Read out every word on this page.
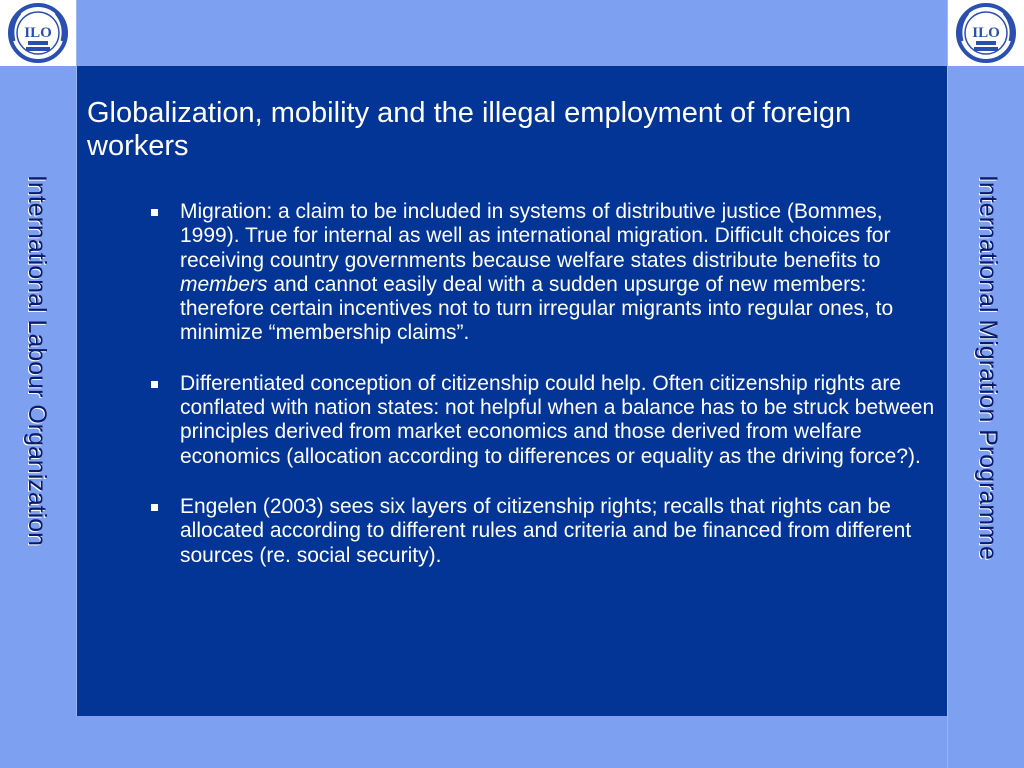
ILO	ILO
International Labour Organization	International Migration Programme
Globalization, mobility and the illegal employment of foreign workers
Migration: a claim to be included in systems of distributive justice (Bommes, 1999). True for internal as well as international migration. Difficult choices for receiving country governments because welfare states distribute benefits to members and cannot easily deal with a sudden upsurge of new members: therefore certain incentives not to turn irregular migrants into regular ones, to minimize “membership claims”.
Differentiated conception of citizenship could help. Often citizenship rights are conflated with nation states: not helpful when a balance has to be struck between principles derived from market economics and those derived from welfare economics (allocation according to differences or equality as the driving force?).
Engelen (2003) sees six layers of citizenship rights; recalls that rights can be allocated according to different rules and criteria and be financed from different sources (re. social security).
